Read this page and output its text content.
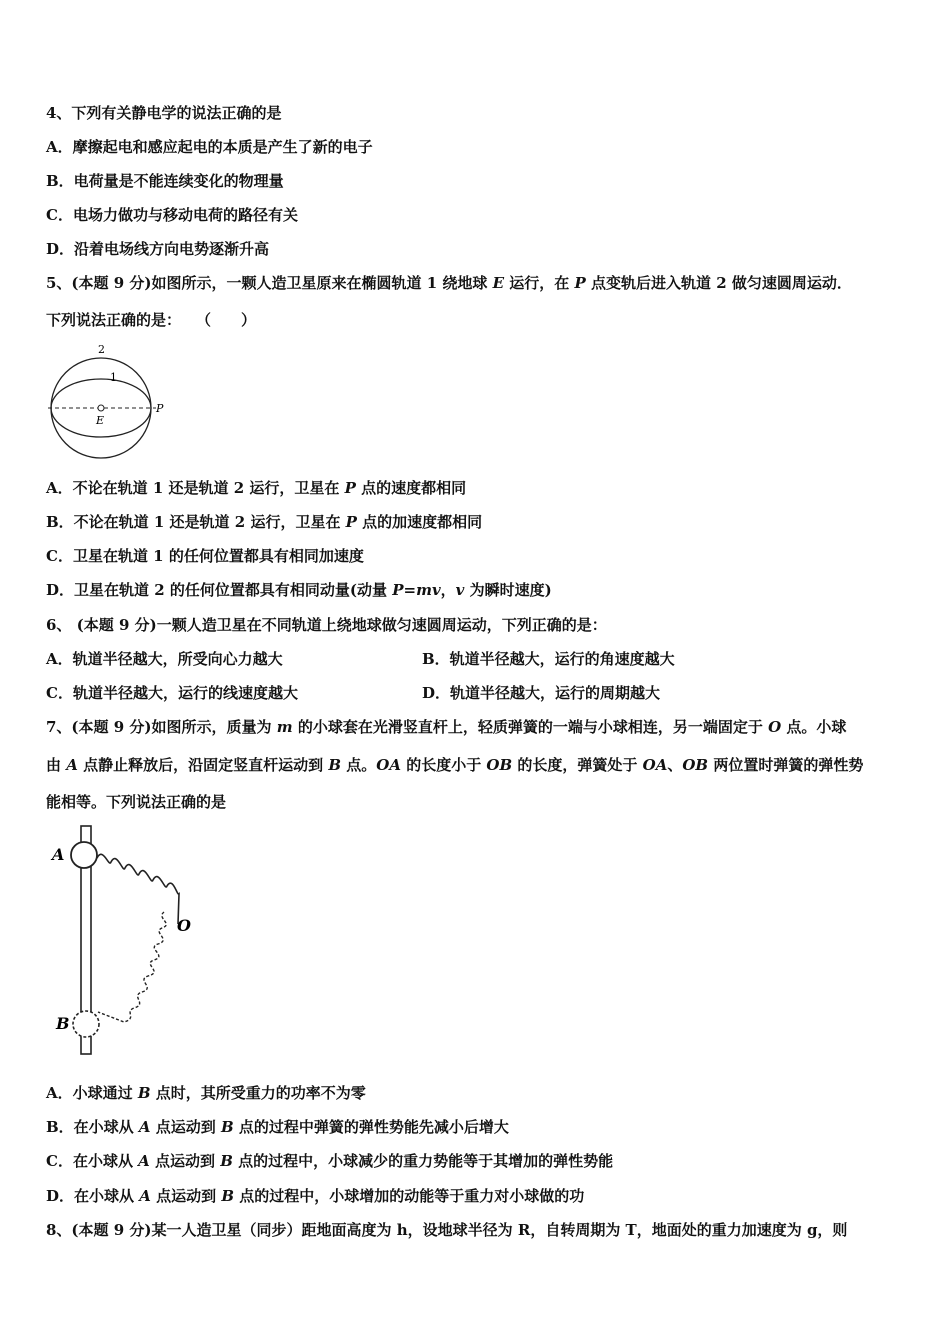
4、下列有关静电学的说法正确的是
A．摩擦起电和感应起电的本质是产生了新的电子
B．电荷量是不能连续变化的物理量
C．电场力做功与移动电荷的路径有关
D．沿着电场线方向电势逐渐升高
5、(本题 9 分)如图所示，一颗人造卫星原来在椭圆轨道 1 绕地球 E 运行，在 P 点变轨后进入轨道 2 做匀速圆周运动．
下列说法正确的是：　　（　　）
2
1
E
P
A．不论在轨道 1 还是轨道 2 运行，卫星在 P 点的速度都相同
B．不论在轨道 1 还是轨道 2 运行，卫星在 P 点的加速度都相同
C．卫星在轨道 1 的任何位置都具有相同加速度
D．卫星在轨道 2 的任何位置都具有相同动量(动量 P=mv，v 为瞬时速度)
6、 (本题 9 分)一颗人造卫星在不同轨道上绕地球做匀速圆周运动，下列正确的是：
A．轨道半径越大，所受向心力越大	B．轨道半径越大，运行的角速度越大
C．轨道半径越大，运行的线速度越大	D．轨道半径越大，运行的周期越大
7、(本题 9 分)如图所示，质量为 m 的小球套在光滑竖直杆上，轻质弹簧的一端与小球相连，另一端固定于 O 点。小球
由 A 点静止释放后，沿固定竖直杆运动到 B 点。OA 的长度小于 OB 的长度，弹簧处于 OA、OB 两位置时弹簧的弹性势
能相等。下列说法正确的是
A
O
B
A．小球通过 B 点时，其所受重力的功率不为零
B．在小球从 A 点运动到 B 点的过程中弹簧的弹性势能先减小后增大
C．在小球从 A 点运动到 B 点的过程中，小球减少的重力势能等于其增加的弹性势能
D．在小球从 A 点运动到 B 点的过程中，小球增加的动能等于重力对小球做的功
8、(本题 9 分)某一人造卫星（同步）距地面高度为 h，设地球半径为 R，自转周期为 T，地面处的重力加速度为 g，则
